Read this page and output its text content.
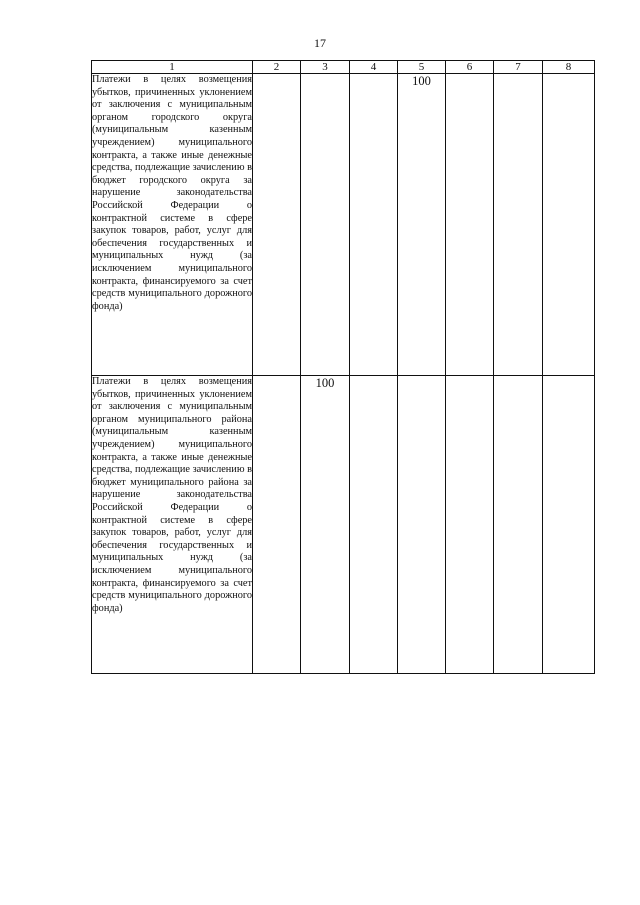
17
1	2	3	4	5	6	7	8
Платежи в целях возмещения убытков, причиненных уклонением от заключения с муниципальным органом городского округа (муниципальным казенным учреждением) муниципального контракта, а также иные денежные средства, подлежащие зачислению в бюджет городского округа за нарушение законодательства Российской Федерации о контрактной системе в сфере закупок товаров, работ, услуг для обеспечения государственных и муниципальных нужд (за исключением муниципального контракта, финансируемого за счет средств муниципального дорожного фонда)				100			
Платежи в целях возмещения убытков, причиненных уклонением от заключения с муниципальным органом муниципального района (муниципальным казенным учреждением) муниципального контракта, а также иные денежные средства, подлежащие зачислению в бюджет муниципального района за нарушение законодательства Российской Федерации о контрактной системе в сфере закупок товаров, работ, услуг для обеспечения государственных и муниципальных нужд (за исключением муниципального контракта, финансируемого за счет средств муниципального дорожного фонда)		100					
